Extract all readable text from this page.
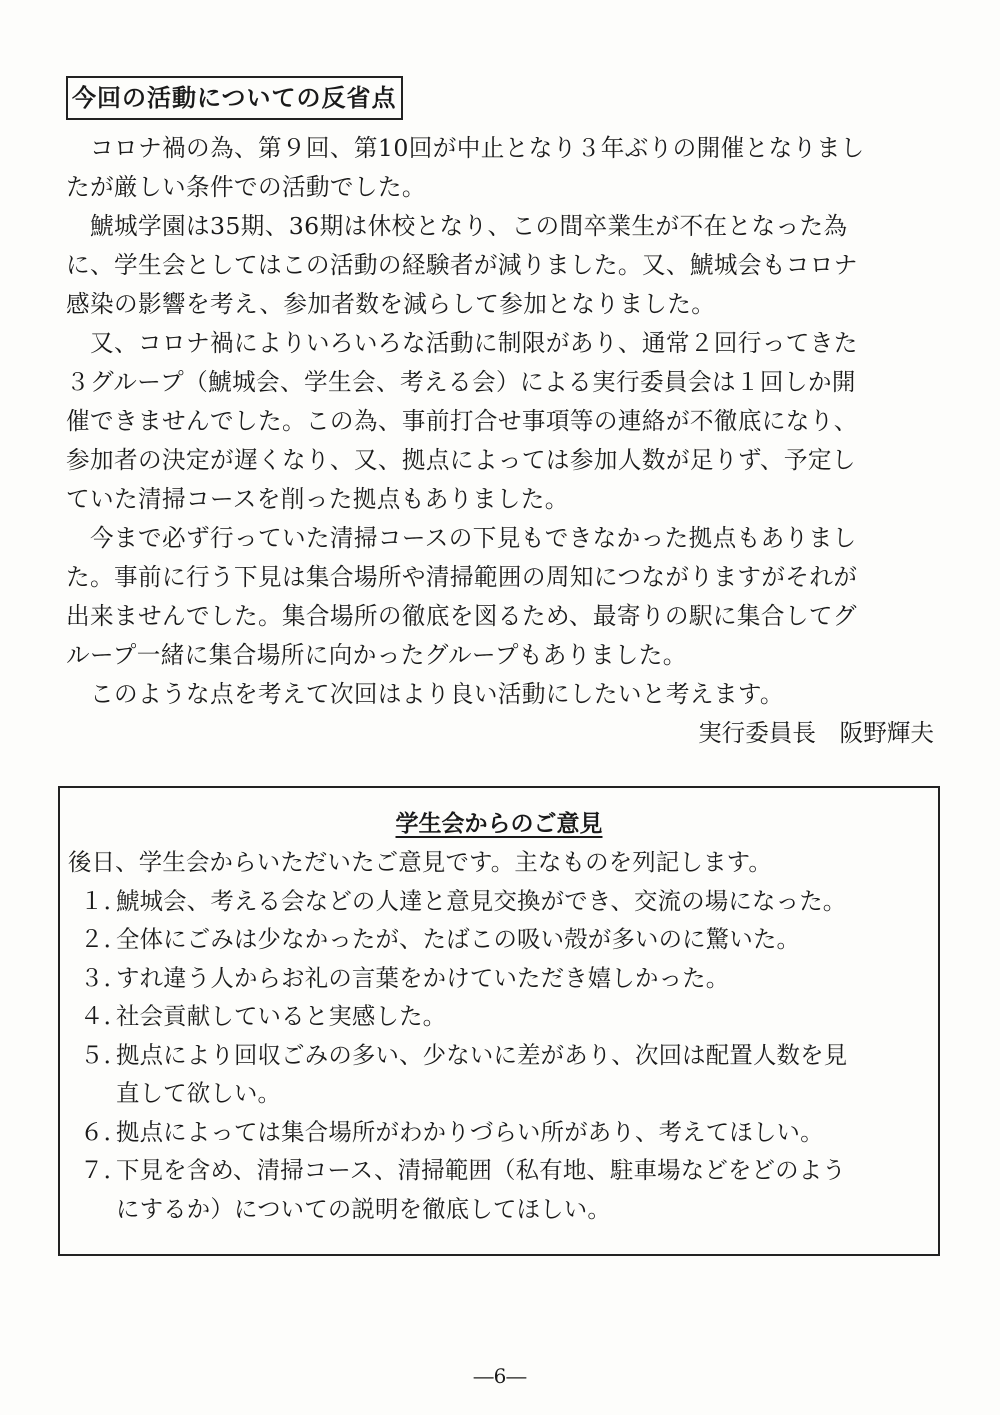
今回の活動についての反省点
　コロナ禍の為、第９回、第10回が中止となり３年ぶりの開催となりまし
たが厳しい条件での活動でした。
　鯱城学園は35期、36期は休校となり、この間卒業生が不在となった為
に、学生会としてはこの活動の経験者が減りました。又、鯱城会もコロナ
感染の影響を考え、参加者数を減らして参加となりました。
　又、コロナ禍によりいろいろな活動に制限があり、通常２回行ってきた
３グループ（鯱城会、学生会、考える会）による実行委員会は１回しか開
催できませんでした。この為、事前打合せ事項等の連絡が不徹底になり、
参加者の決定が遅くなり、又、拠点によっては参加人数が足りず、予定し
ていた清掃コースを削った拠点もありました。
　今まで必ず行っていた清掃コースの下見もできなかった拠点もありまし
た。事前に行う下見は集合場所や清掃範囲の周知につながりますがそれが
出来ませんでした。集合場所の徹底を図るため、最寄りの駅に集合してグ
ループ一緒に集合場所に向かったグループもありました。
　このような点を考えて次回はより良い活動にしたいと考えます。
実行委員長　阪野輝夫
学生会からのご意見
後日、学生会からいただいたご意見です。主なものを列記します。
１．鯱城会、考える会などの人達と意見交換ができ、交流の場になった。
２．全体にごみは少なかったが、たばこの吸い殻が多いのに驚いた。
３．すれ違う人からお礼の言葉をかけていただき嬉しかった。
４．社会貢献していると実感した。
５．拠点により回収ごみの多い、少ないに差があり、次回は配置人数を見
直して欲しい。
６．拠点によっては集合場所がわかりづらい所があり、考えてほしい。
７．下見を含め、清掃コース、清掃範囲（私有地、駐車場などをどのよう
にするか）についての説明を徹底してほしい。
―6―
